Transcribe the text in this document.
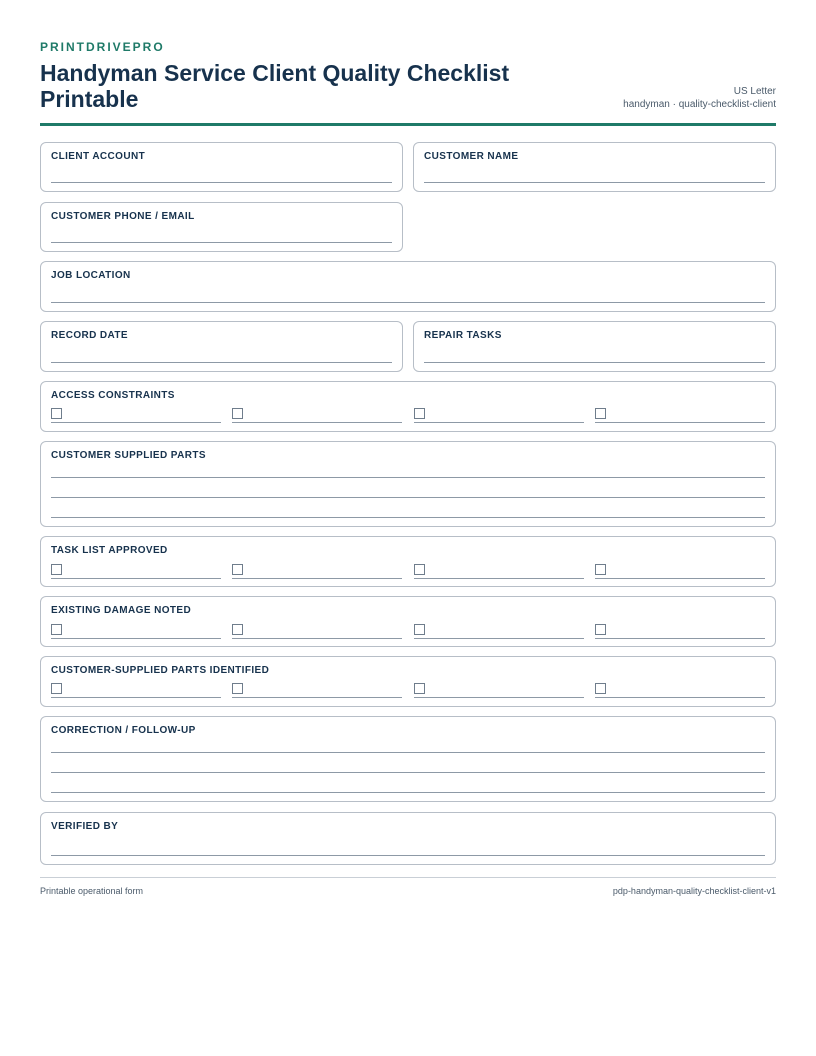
PRINTDRIVEPRO
Handyman Service Client Quality Checklist Printable	US Letter
handyman · quality-checklist-client
CLIENT ACCOUNT	CUSTOMER NAME
CUSTOMER PHONE / EMAIL
JOB LOCATION
RECORD DATE	REPAIR TASKS
ACCESS CONSTRAINTS
CUSTOMER SUPPLIED PARTS
TASK LIST APPROVED
EXISTING DAMAGE NOTED
CUSTOMER-SUPPLIED PARTS IDENTIFIED
CORRECTION / FOLLOW-UP
VERIFIED BY
Printable operational form	pdp-handyman-quality-checklist-client-v1
